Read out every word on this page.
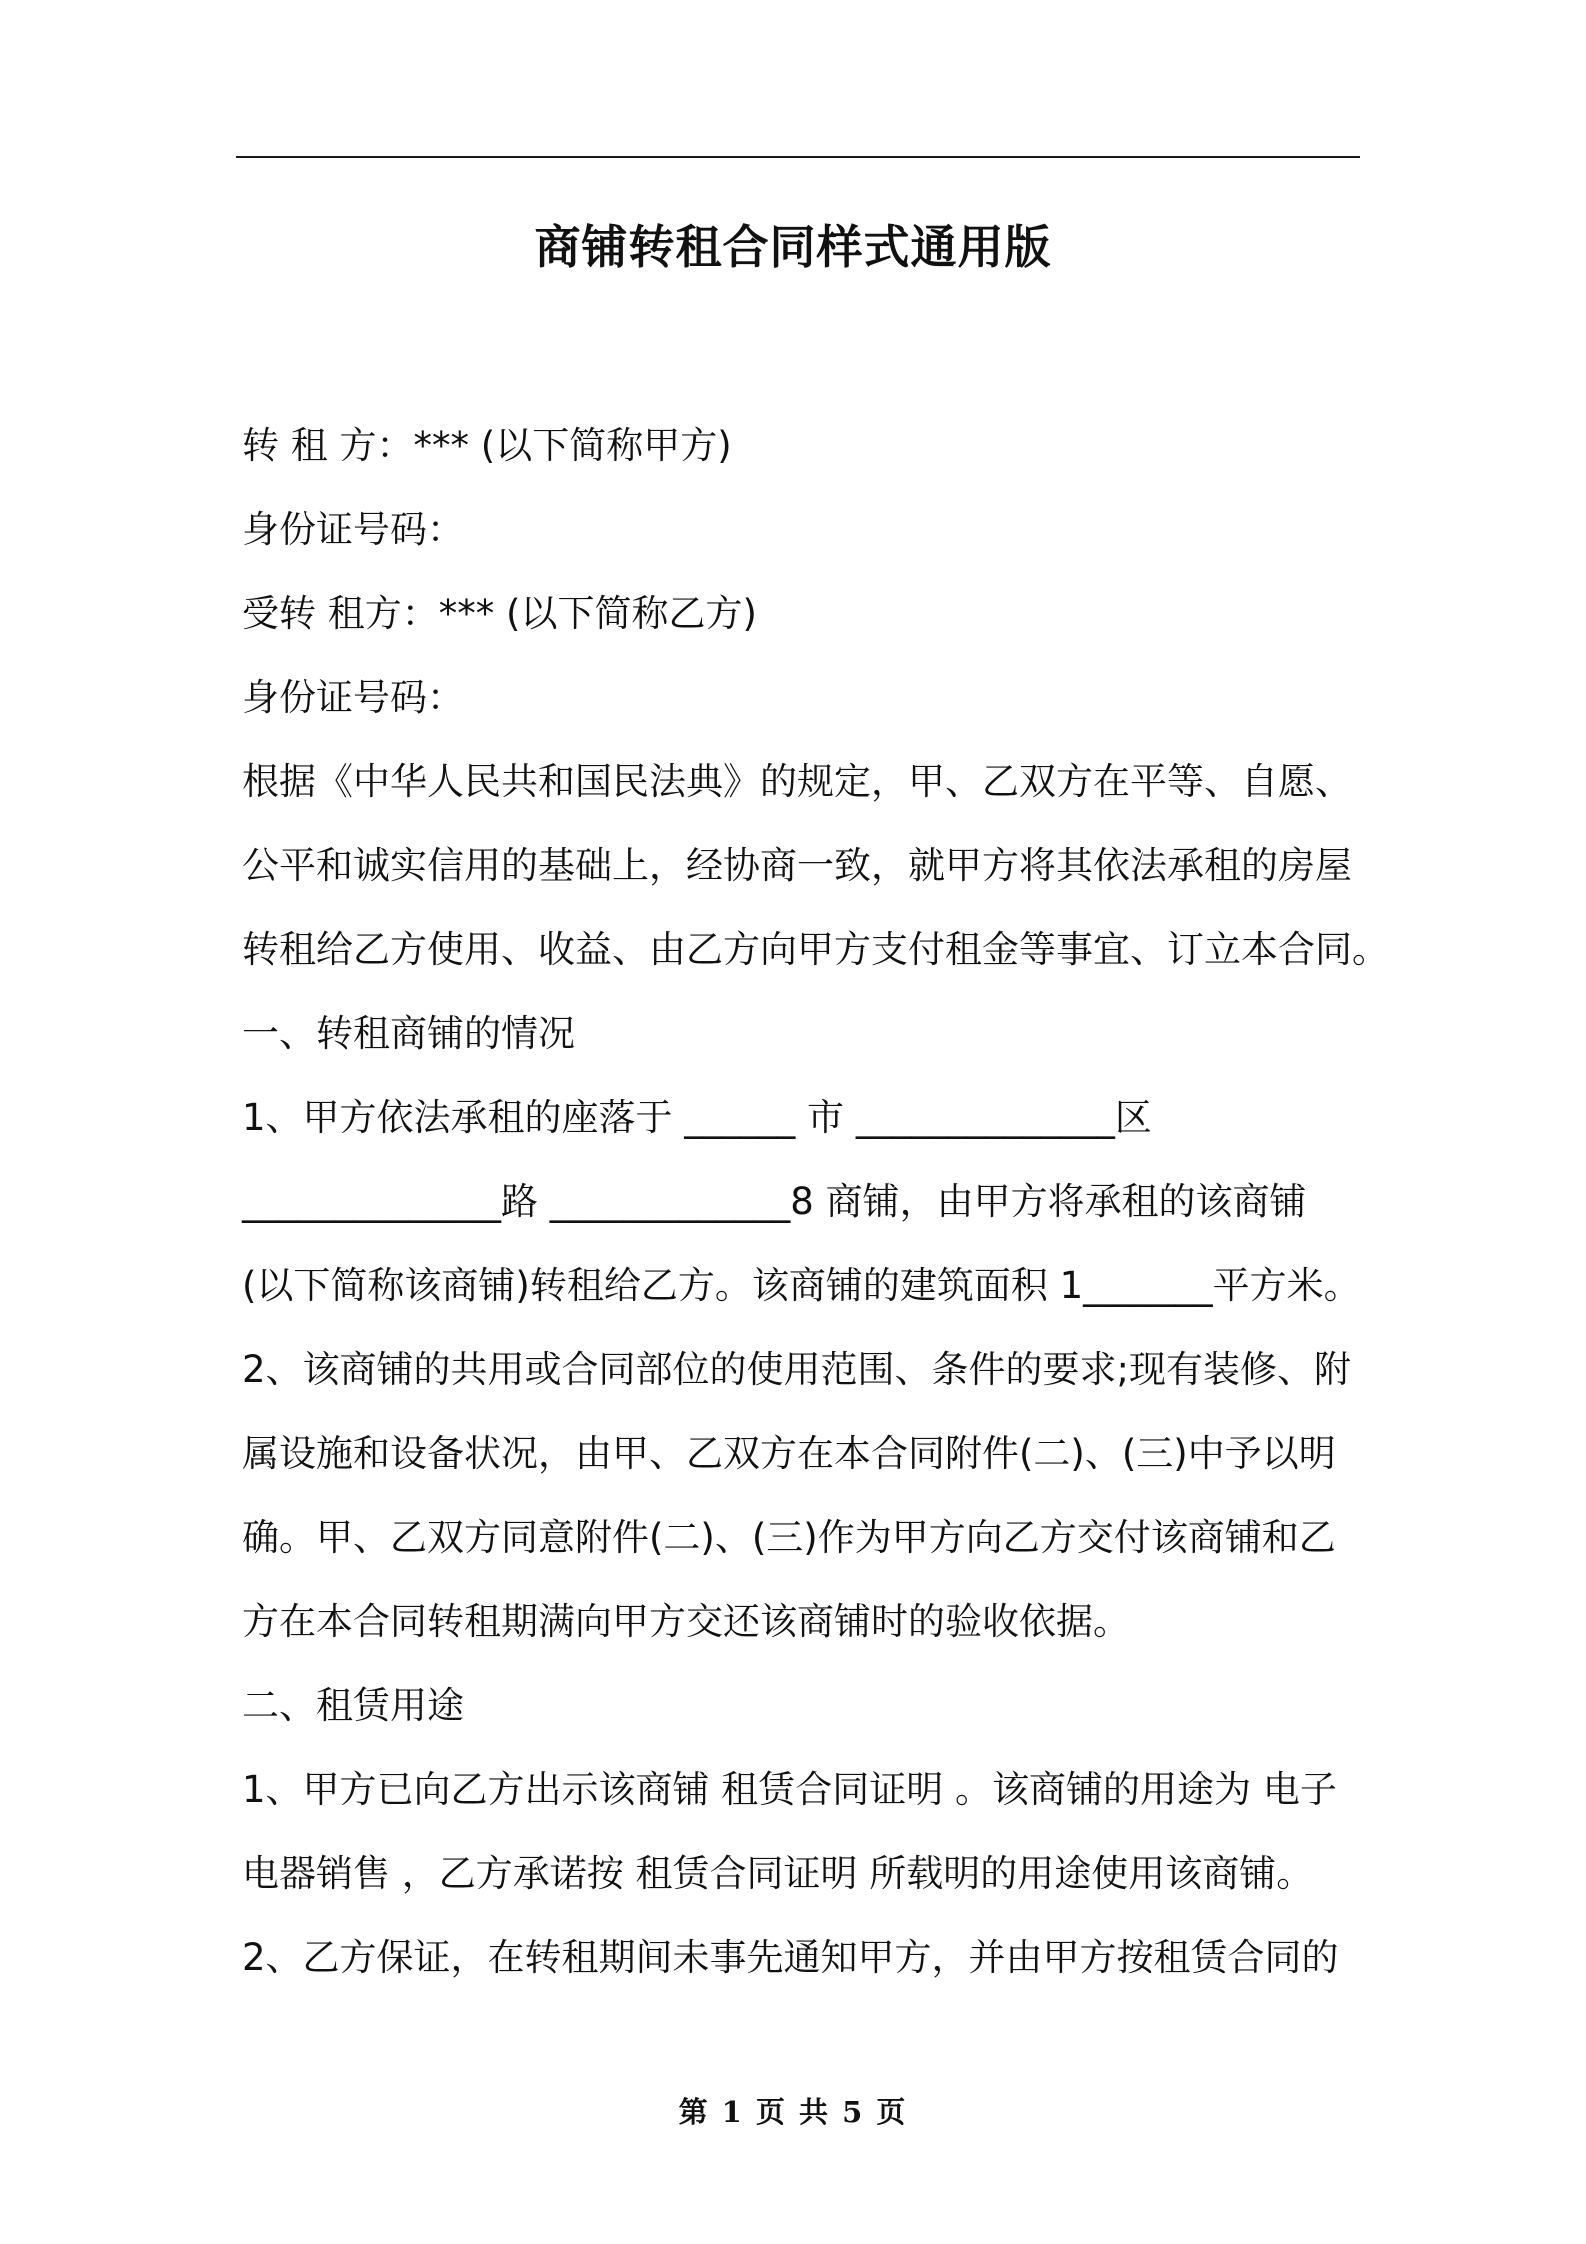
商铺转租合同样式通用版
转 租 方：*** (以下简称甲方)
身份证号码：
受转 租方：*** (以下简称乙方)
身份证号码：
根据《中华人民共和国民法典》的规定，甲、乙双方在平等、自愿、
公平和诚实信用的基础上，经协商一致，就甲方将其依法承租的房屋
转租给乙方使用、收益、由乙方向甲方支付租金等事宜、订立本合同。
一、转租商铺的情况
1、甲方依法承租的座落于 ______ 市 ______________区
______________路 _____________8 商铺，由甲方将承租的该商铺
(以下简称该商铺)转租给乙方。该商铺的建筑面积 1_______平方米。
2、该商铺的共用或合同部位的使用范围、条件的要求;现有装修、附
属设施和设备状况，由甲、乙双方在本合同附件(二)、(三)中予以明
确。甲、乙双方同意附件(二)、(三)作为甲方向乙方交付该商铺和乙
方在本合同转租期满向甲方交还该商铺时的验收依据。
二、租赁用途
1、甲方已向乙方出示该商铺 租赁合同证明 。该商铺的用途为 电子
电器销售 ，乙方承诺按 租赁合同证明 所载明的用途使用该商铺。
2、乙方保证，在转租期间未事先通知甲方，并由甲方按租赁合同的
第 1 页 共 5 页
